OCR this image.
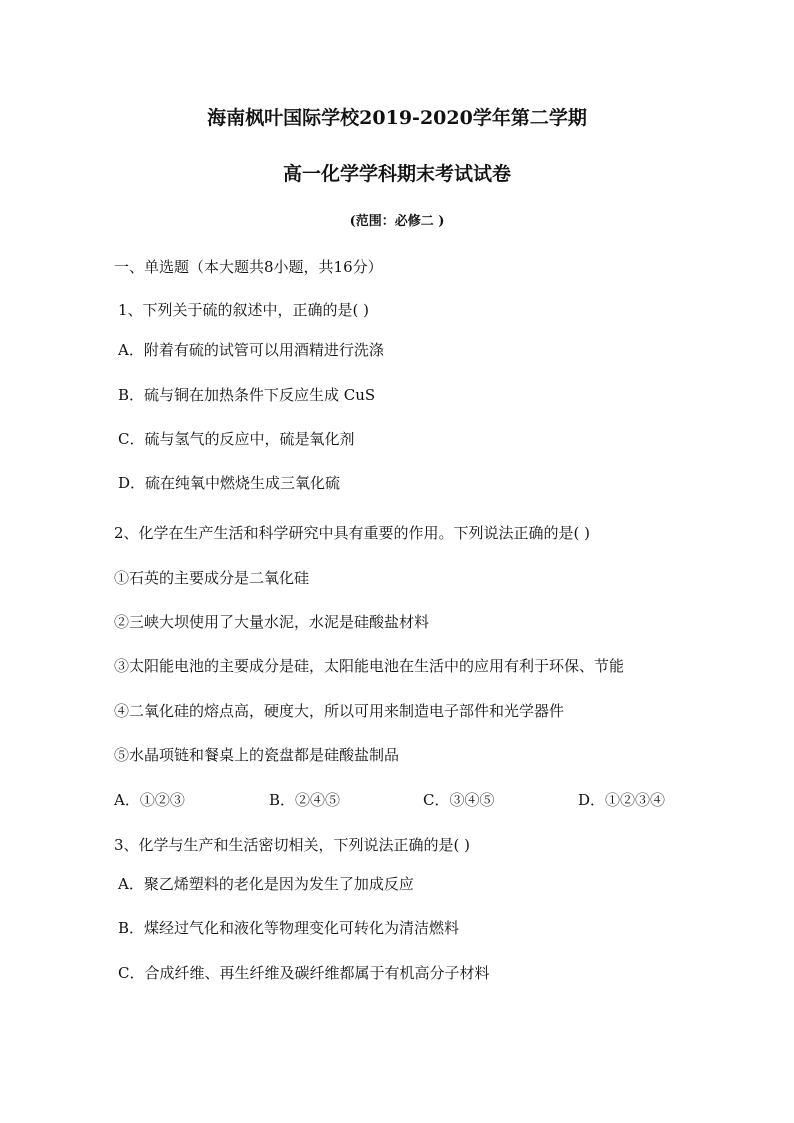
海南枫叶国际学校2019-2020学年第二学期
高一化学学科期末考试试卷
(范围：必修二 )
一、单选题（本大题共8小题，共16分）
1、下列关于硫的叙述中，正确的是( )
A．附着有硫的试管可以用酒精进行洗涤
B．硫与铜在加热条件下反应生成 CuS
C．硫与氢气的反应中，硫是氧化剂
D．硫在纯氧中燃烧生成三氧化硫
2、化学在生产生活和科学研究中具有重要的作用。下列说法正确的是( )
①石英的主要成分是二氧化硅
②三峡大坝使用了大量水泥，水泥是硅酸盐材料
③太阳能电池的主要成分是硅，太阳能电池在生活中的应用有利于环保、节能
④二氧化硅的熔点高，硬度大，所以可用来制造电子部件和光学器件
⑤水晶项链和餐桌上的瓷盘都是硅酸盐制品
A．①②③	B．②④⑤	C．③④⑤	D．①②③④
3、化学与生产和生活密切相关，下列说法正确的是( )
A．聚乙烯塑料的老化是因为发生了加成反应
B．煤经过气化和液化等物理变化可转化为清洁燃料
C．合成纤维、再生纤维及碳纤维都属于有机高分子材料
